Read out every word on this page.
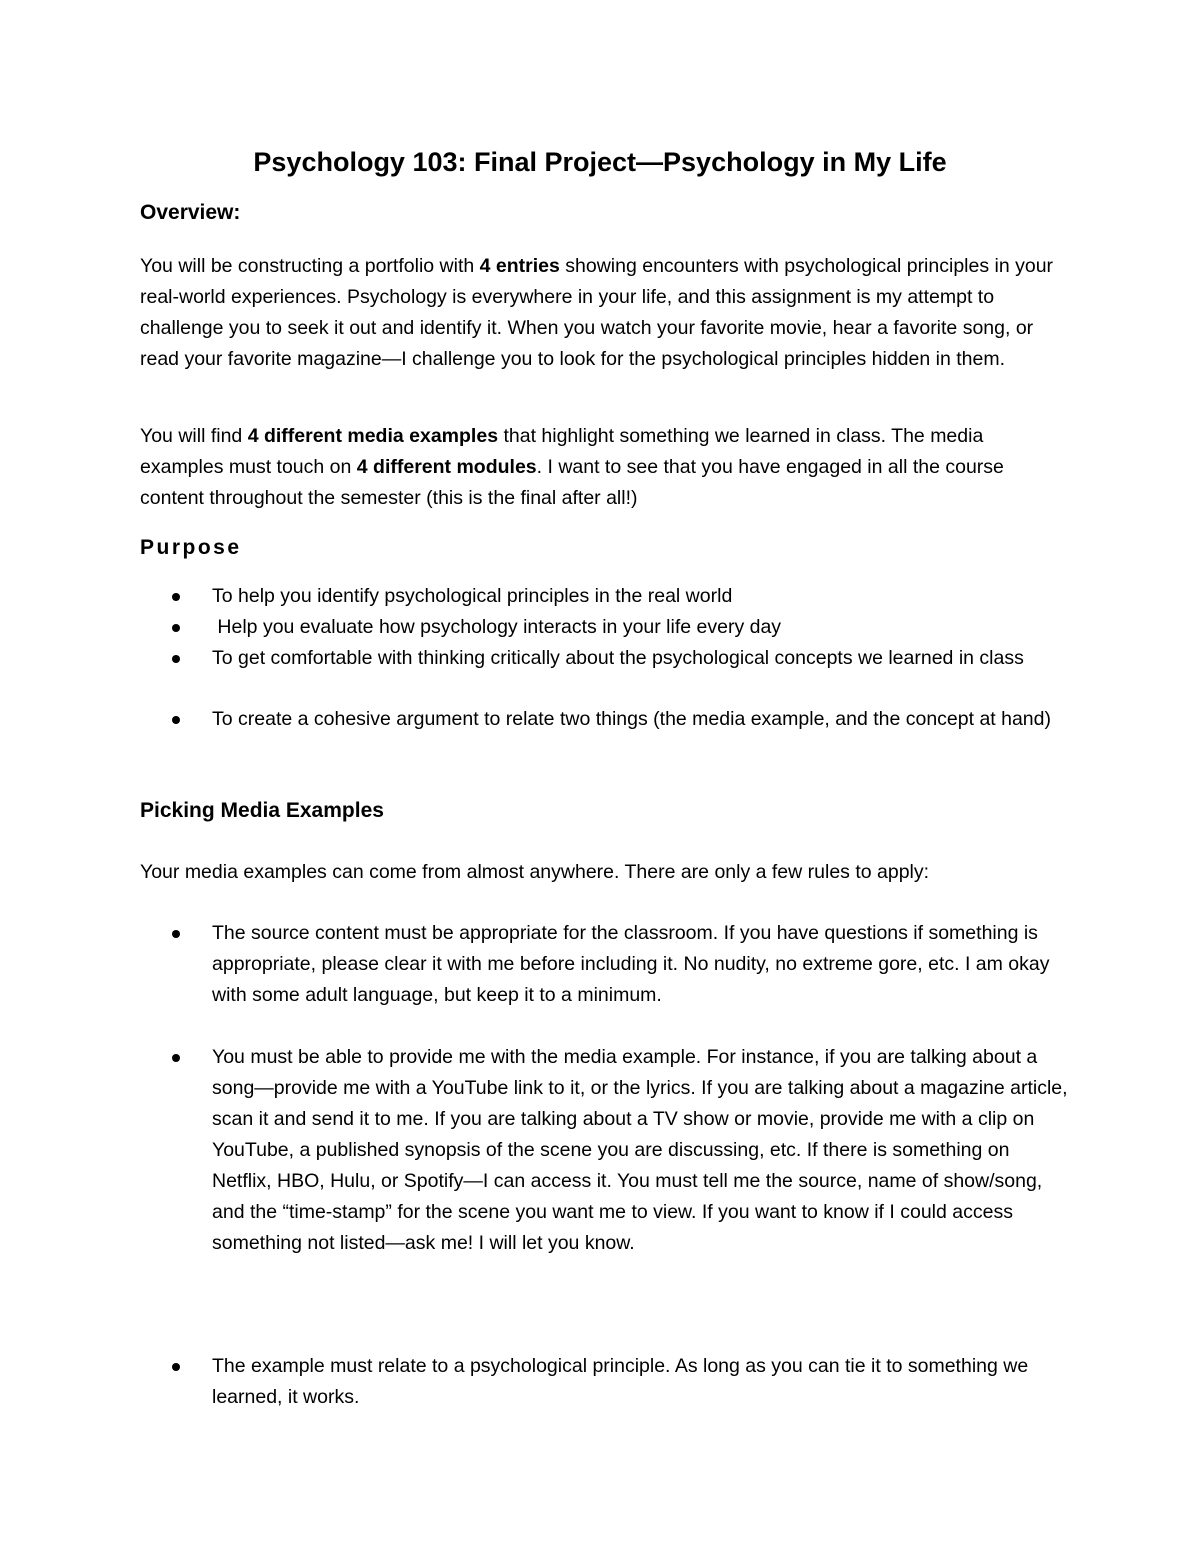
Psychology 103: Final Project—Psychology in My Life
Overview:

You will be constructing a portfolio with 4 entries showing encounters with psychological principles in your real-world experiences. Psychology is everywhere in your life, and this assignment is my attempt to challenge you to seek it out and identify it. When you watch your favorite movie, hear a favorite song, or read your favorite magazine—I challenge you to look for the psychological principles hidden in them.

You will find 4 different media examples that highlight something we learned in class. The media examples must touch on 4 different modules. I want to see that you have engaged in all the course content throughout the semester (this is the final after all!)

Purpose

To help you identify psychological principles in the real world

Help you evaluate how psychology interacts in your life every day

To get comfortable with thinking critically about the psychological concepts we learned in class

To create a cohesive argument to relate two things (the media example, and the concept at hand)

Picking Media Examples

Your media examples can come from almost anywhere. There are only a few rules to apply:

The source content must be appropriate for the classroom. If you have questions if something is appropriate, please clear it with me before including it. No nudity, no extreme gore, etc. I am okay with some adult language, but keep it to a minimum.

You must be able to provide me with the media example. For instance, if you are talking about a song—provide me with a YouTube link to it, or the lyrics. If you are talking about a magazine article, scan it and send it to me. If you are talking about a TV show or movie, provide me with a clip on YouTube, a published synopsis of the scene you are discussing, etc. If there is something on Netflix, HBO, Hulu, or Spotify—I can access it. You must tell me the source, name of show/song, and the “time-stamp” for the scene you want me to view. If you want to know if I could access something not listed—ask me! I will let you know.

The example must relate to a psychological principle. As long as you can tie it to something we learned, it works.
